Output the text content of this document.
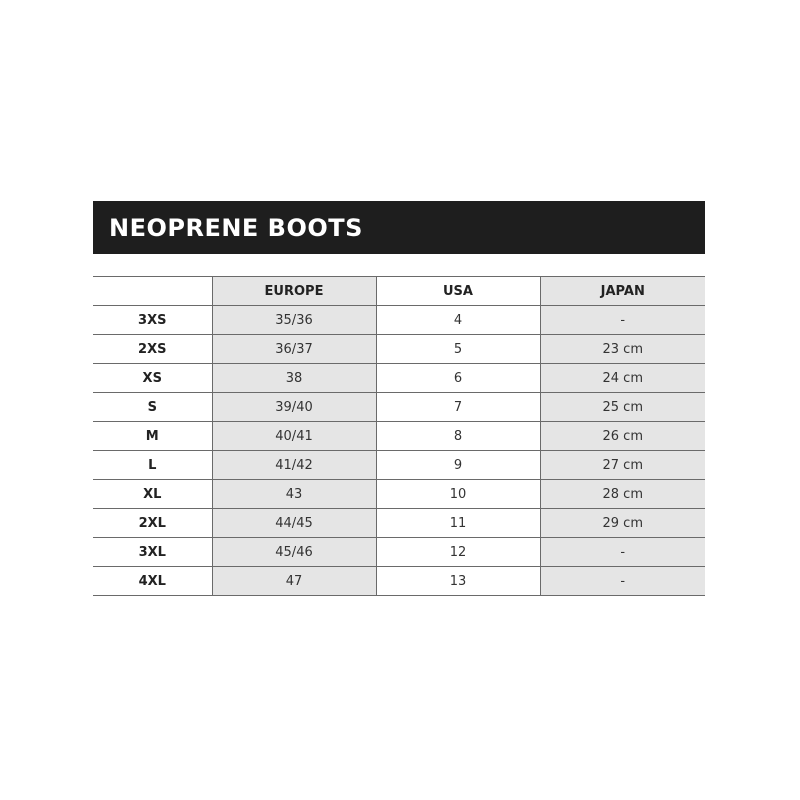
NEOPRENE BOOTS
	EUROPE	USA	JAPAN
3XS	35/36	4	-
2XS	36/37	5	23 cm
XS	38	6	24 cm
S	39/40	7	25 cm
M	40/41	8	26 cm
L	41/42	9	27 cm
XL	43	10	28 cm
2XL	44/45	11	29 cm
3XL	45/46	12	-
4XL	47	13	-
